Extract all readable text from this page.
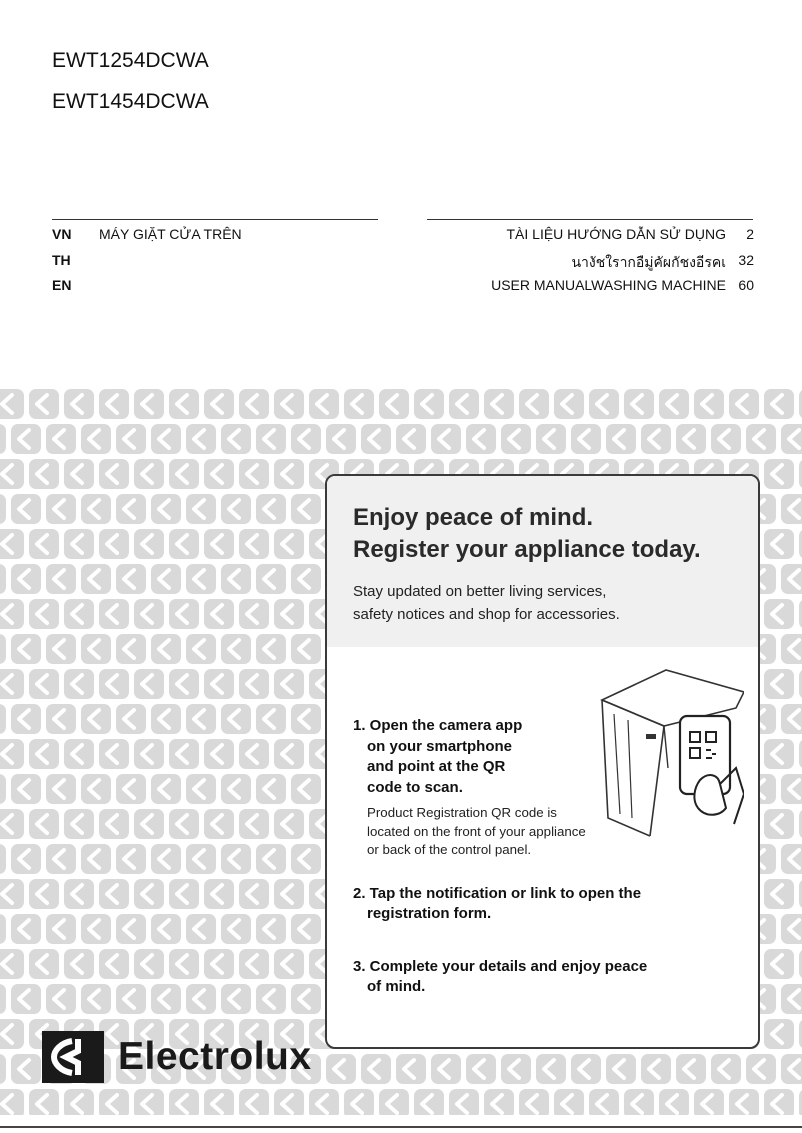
EWT1254DCWA
EWT1454DCWA
VN MÁY GIẶT CỬA TRÊN	TÀI LIỆU HƯỚNG DẪN SỬ DỤNG 2
TH	นางัชใรากอืมู่คัผกัชงอีรคเ 32
EN	USER MANUALWASHING MACHINE 60
Enjoy peace of mind.
Register your appliance today.
Stay updated on better living services,
safety notices and shop for accessories.
1. Open the camera app
on your smartphone
and point at the QR
code to scan.
Product Registration QR code is
located on the front of your appliance
or back of the control panel.
2. Tap the notification or link to open the
registration form.
3. Complete your details and enjoy peace
of mind.
Electrolux
